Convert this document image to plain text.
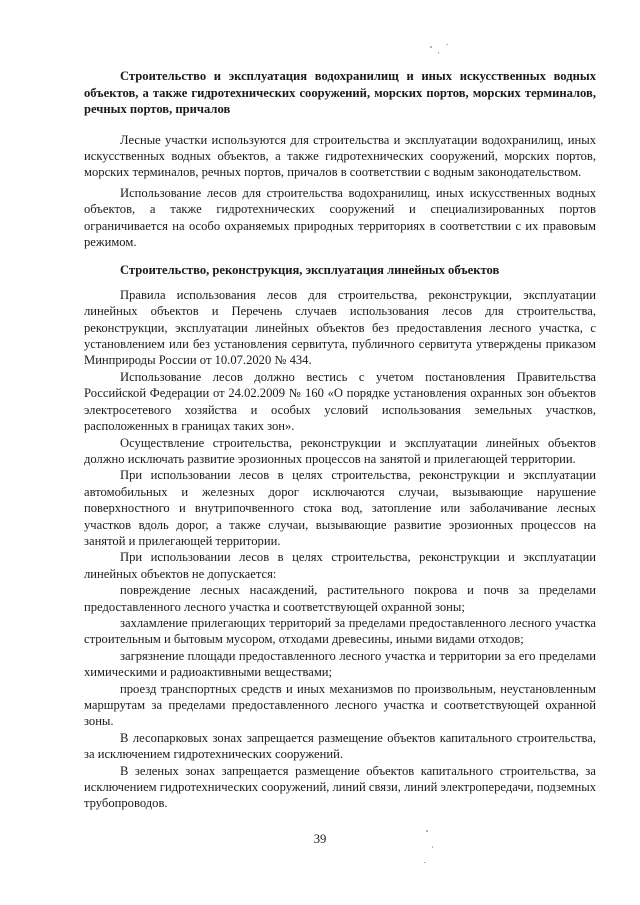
Строительство и эксплуатация водохранилищ и иных искусственных водных объектов, а также гидротехнических сооружений, морских портов, морских терминалов, речных портов, причалов

Лесные участки используются для строительства и эксплуатации водохранилищ, иных искусственных водных объектов, а также гидротехнических сооружений, морских портов, морских терминалов, речных портов, причалов в соответствии с водным законодательством.

Использование лесов для строительства водохранилищ, иных искусственных водных объектов, а также гидротехнических сооружений и специализированных портов ограничивается на особо охраняемых природных территориях в соответствии с их правовым режимом.

Строительство, реконструкция, эксплуатация линейных объектов

Правила использования лесов для строительства, реконструкции, эксплуатации линейных объектов и Перечень случаев использования лесов для строительства, реконструкции, эксплуатации линейных объектов без предоставления лесного участка, с установлением или без установления сервитута, публичного сервитута утверждены приказом Минприроды России от 10.07.2020 № 434.

Использование лесов должно вестись с учетом постановления Правительства Российской Федерации от 24.02.2009 № 160 «О порядке установления охранных зон объектов электросетевого хозяйства и особых условий использования земельных участков, расположенных в границах таких зон».

Осуществление строительства, реконструкции и эксплуатации линейных объектов должно исключать развитие эрозионных процессов на занятой и прилегающей территории.

При использовании лесов в целях строительства, реконструкции и эксплуатации автомобильных и железных дорог исключаются случаи, вызывающие нарушение поверхностного и внутрипочвенного стока вод, затопление или заболачивание лесных участков вдоль дорог, а также случаи, вызывающие развитие эрозионных процессов на занятой и прилегающей территории.

При использовании лесов в целях строительства, реконструкции и эксплуатации линейных объектов не допускается:

повреждение лесных насаждений, растительного покрова и почв за пределами предоставленного лесного участка и соответствующей охранной зоны;

захламление прилегающих территорий за пределами предоставленного лесного участка строительным и бытовым мусором, отходами древесины, иными видами отходов;

загрязнение площади предоставленного лесного участка и территории за его пределами химическими и радиоактивными веществами;

проезд транспортных средств и иных механизмов по произвольным, неустановленным маршрутам за пределами предоставленного лесного участка и соответствующей охранной зоны.

В лесопарковых зонах запрещается размещение объектов капитального строительства, за исключением гидротехнических сооружений.

В зеленых зонах запрещается размещение объектов капитального строительства, за исключением гидротехнических сооружений, линий связи, линий электропередачи, подземных трубопроводов.

39
